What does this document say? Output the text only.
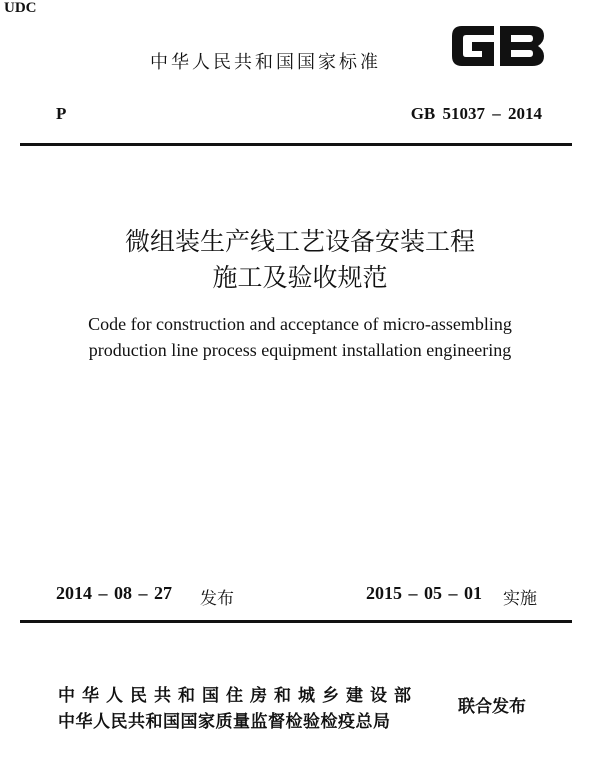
UDC
中华人民共和国国家标准
P	GB 51037 – 2014
微组装生产线工艺设备安装工程
施工及验收规范
Code for construction and acceptance of micro-assembling
production line process equipment installation engineering
2014 – 08 – 27 发布	2015 – 05 – 01 实施
中华人民共和国住房和城乡建设部
中华人民共和国国家质量监督检验检疫总局
联合发布
